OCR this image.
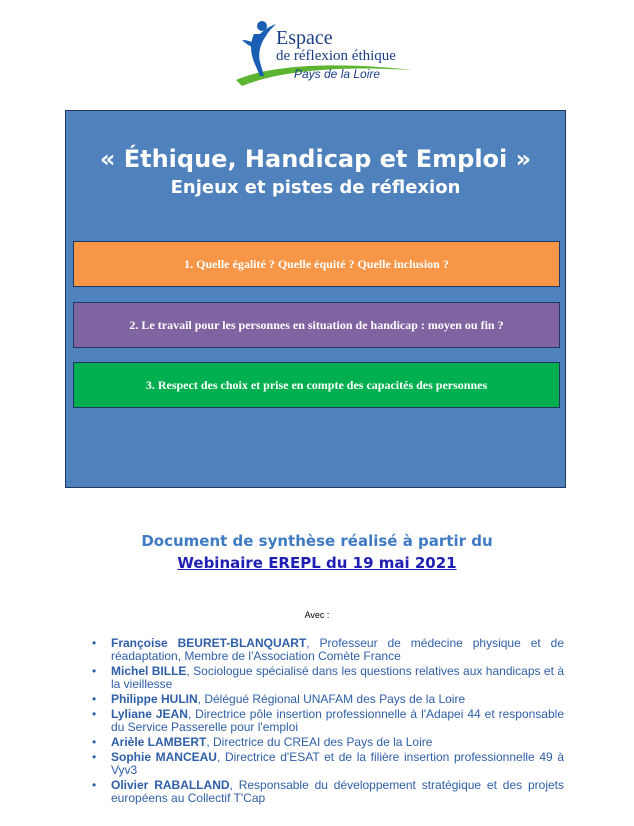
Espace
de réflexion éthique
Pays de la Loire
« Éthique, Handicap et Emploi »
Enjeux et pistes de réflexion
1. Quelle égalité ? Quelle équité ? Quelle inclusion ?
2. Le travail pour les personnes en situation de handicap : moyen ou fin ?
3. Respect des choix et prise en compte des capacités des personnes
Document de synthèse réalisé à partir du
Webinaire EREPL du 19 mai 2021
Avec :
• Françoise BEURET-BLANQUART, Professeur de médecine physique et de réadaptation, Membre de l'Association Comète France
• Michel BILLE, Sociologue spécialisé dans les questions relatives aux handicaps et à la vieillesse
• Philippe HULIN, Délégué Régional UNAFAM des Pays de la Loire
• Lyliane JEAN, Directrice pôle insertion professionnelle à l'Adapei 44 et responsable du Service Passerelle pour l'emploi
• Arièle LAMBERT, Directrice du CREAI des Pays de la Loire
• Sophie MANCEAU, Directrice d'ESAT et de la filière insertion professionnelle 49 à Vyv3
• Olivier RABALLAND, Responsable du développement stratégique et des projets européens au Collectif T'Cap
